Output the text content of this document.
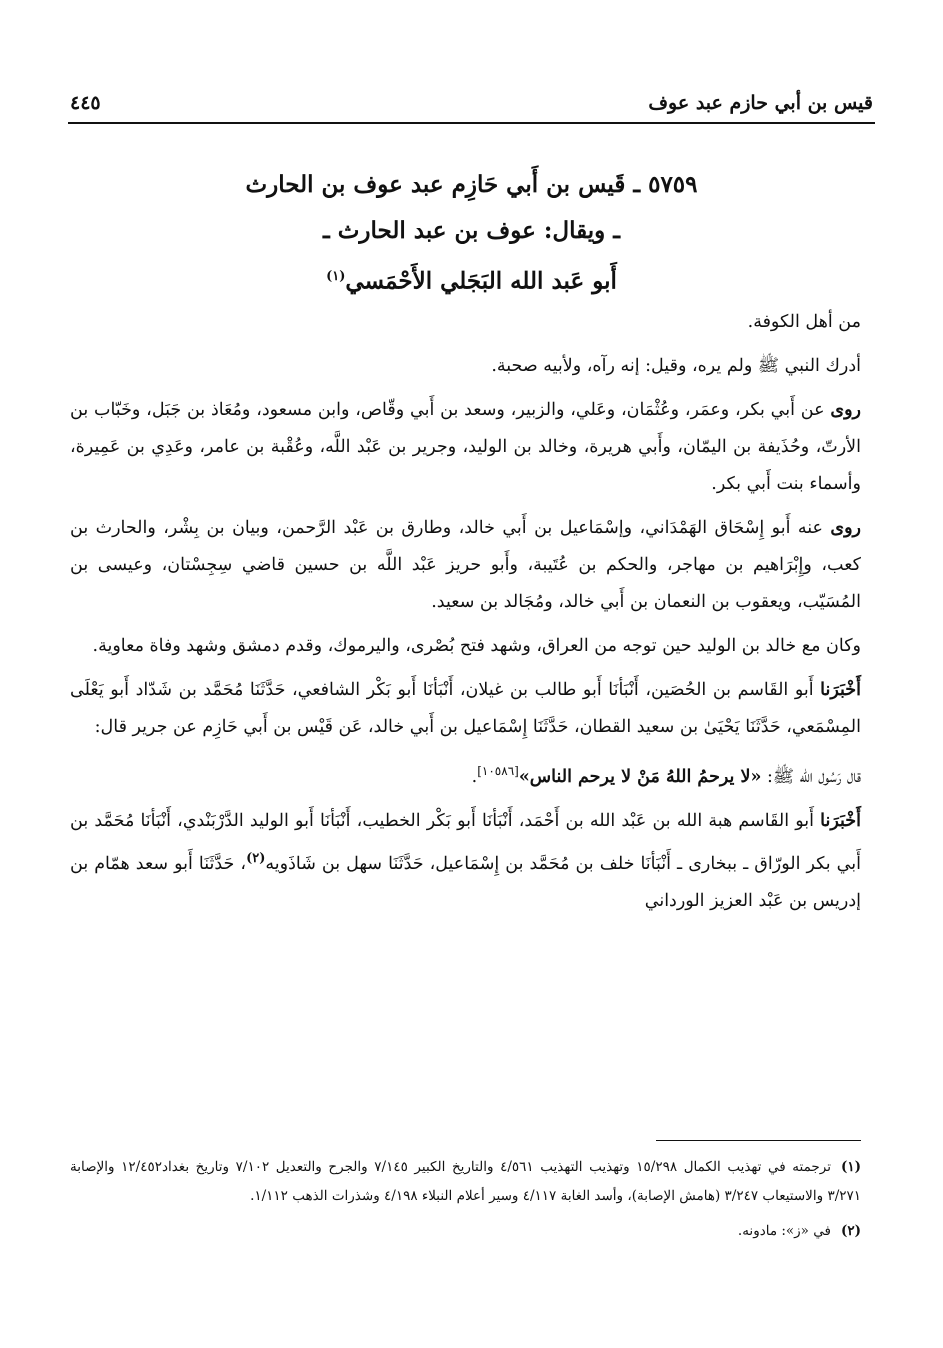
قيس بن أبي حازم عبد عوف
٤٤٥
٥٧٥٩ ـ قَيس بن أَبي حَازِم عبد عوف بن الحارث
ـ ويقال: عوف بن عبد الحارث ـ
أَبو عَبد الله البَجَلي الأَحْمَسي$^{(١)}$

من أهل الكوفة.

أدرك النبي ﷺ ولم يره، وقيل: إنه رآه، ولأبيه صحبة.

روى عن أَبي بكر، وعمَر، وعُثْمَان، وعَلي، والزبير، وسعد بن أَبي وقّاص، وابن مسعود، ومُعَاذ بن جَبَل، وخَبّاب بن الأرتّ، وحُذَيفة بن اليمّان، وأَبي هريرة، وخالد بن الوليد، وجرير بن عَبْد اللَّه، وعُقْبة بن عامر، وعَدِي بن عَمِيرة، وأسماء بنت أَبي بكر.

روى عنه أَبو إِسْحَاق الهَمْدَاني، وإسْمَاعيل بن أَبي خالد، وطارق بن عَبْد الرَّحمن، وبيان بن بِشْر، والحارث بن كعب، وإِبْرَاهيم بن مهاجر، والحكم بن عُتَيبة، وأَبو حريز عَبْد اللَّه بن حسين قاضي سِجِسْتان، وعيسى بن المُسَيّب، ويعقوب بن النعمان بن أَبي خالد، ومُجَالد بن سعيد.

وكان مع خالد بن الوليد حين توجه من العراق، وشهد فتح بُصْرى، واليرموك، وقدم دمشق وشهد وفاة معاوية.

أَخْبَرَنا أَبو القَاسم بن الحُصَين، أَنْبَأنَا أَبو طالب بن غيلان، أَنْبَأنَا أَبو بَكْر الشافعي، حَدَّثَنَا مُحَمَّد بن شَدّاد أَبو يَعْلَى المِسْمَعي، حَدَّثَنَا يَحْيَىٰ بن سعيد القطان، حَدَّثَنَا إِسْمَاعيل بن أَبي خالد، عَن قَيْس بن أَبي حَازِم عن جرير قال:

قال رَسُول الله ﷺ: «لا يرحمُ اللهُ مَنْ لا يرحم الناس»[١٠٥٨٦].

أَخْبَرَنا أَبو القَاسم هبة الله بن عَبْد الله بن أَحْمَد، أَنْبَأنَا أَبو بَكْر الخطيب، أَنْبَأنَا أَبو الوليد الدَّرْبَنْدي، أَنْبَأنَا مُحَمَّد بن أَبي بكر الورّاق ـ ببخارى ـ أَنْبَأنَا خلف بن مُحَمَّد بن إِسْمَاعيل، حَدَّثَنَا سهل بن شَاذَويه$^{(٢)}$، حَدَّثَنَا أَبو سعد همّام بن إدريس بن عَبْد العزيز الورداني

(١)ترجمته في تهذيب الكمال ١٥/٢٩٨ وتهذيب التهذيب ٤/٥٦١ والتاريخ الكبير ٧/١٤٥ والجرح والتعديل ٧/١٠٢ وتاريخ بغداد١٢/٤٥٢ والإصابة ٣/٢٧١ والاستيعاب ٣/٢٤٧ (هامش الإصابة)، وأسد الغابة ٤/١١٧ وسير أعلام النبلاء ٤/١٩٨ وشذرات الذهب ١/١١٢.

(٢)في «ز»: مادونه.
